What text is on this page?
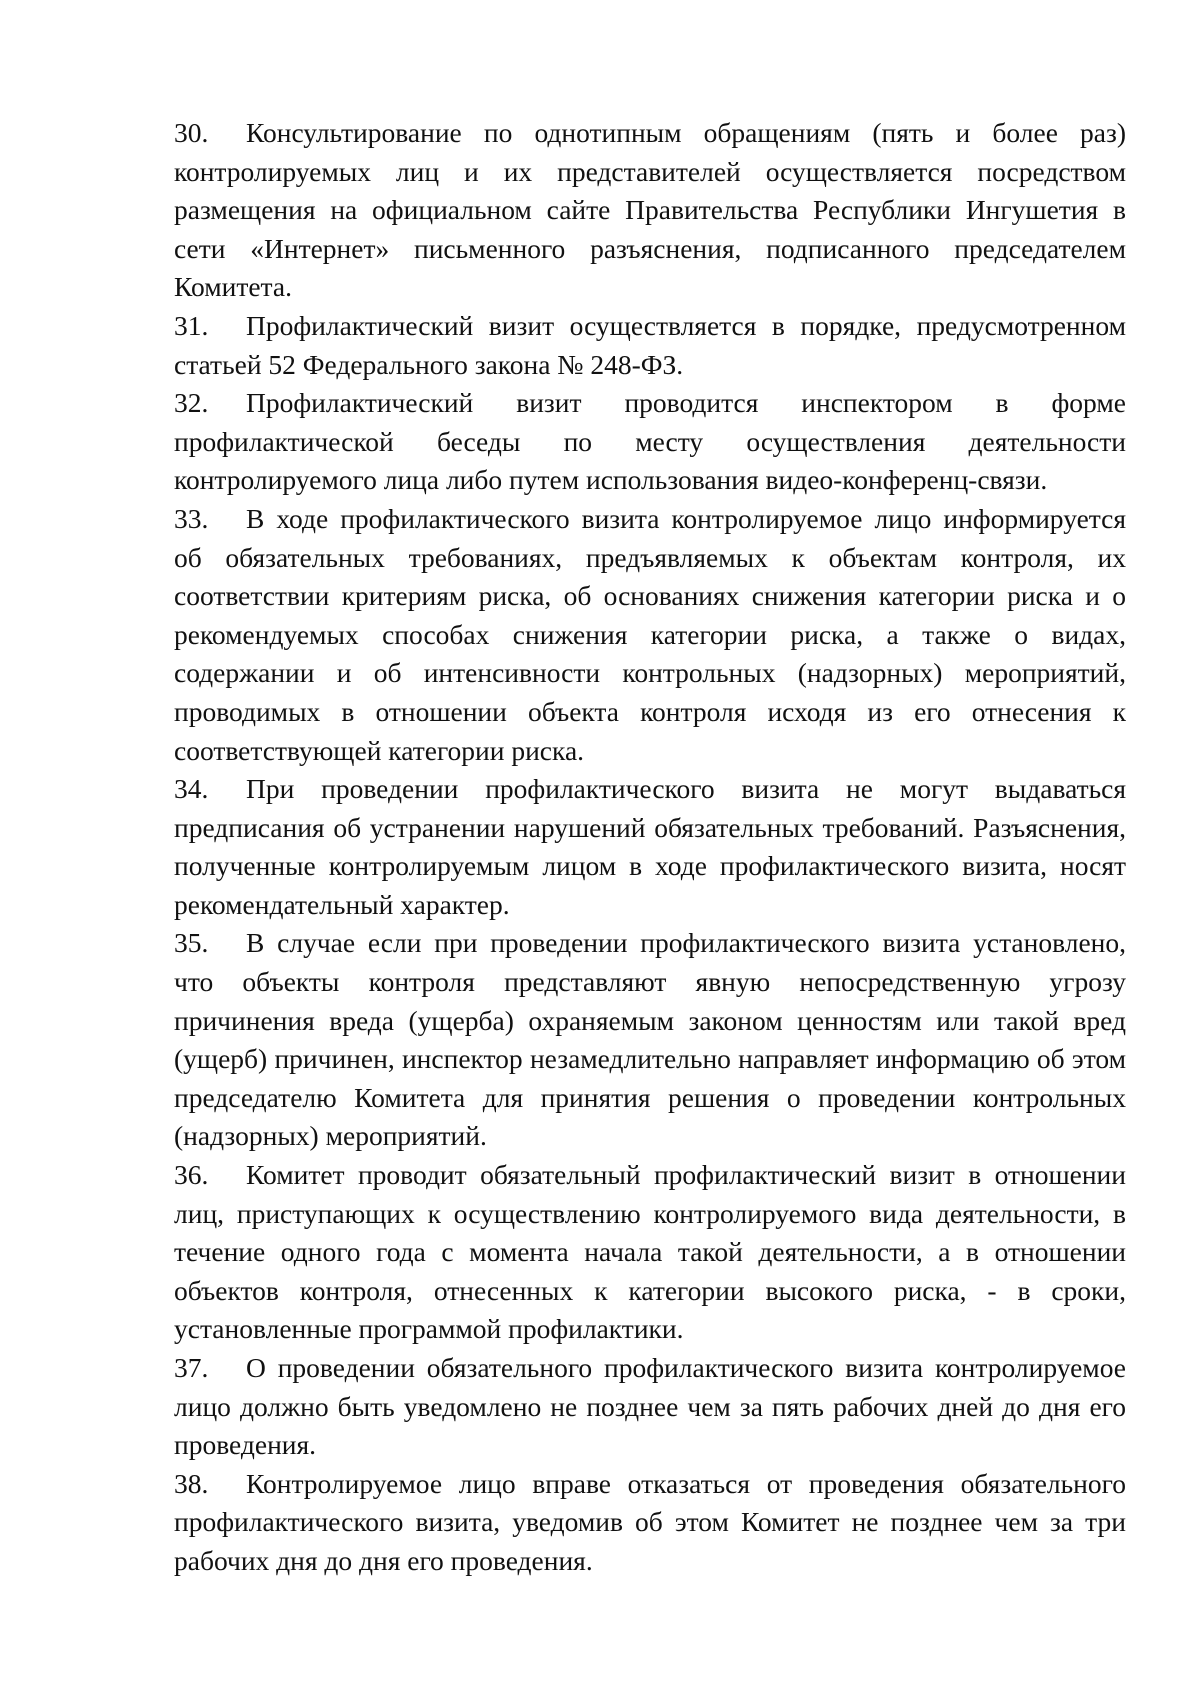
30. Консультирование по однотипным обращениям (пять и более раз) контролируемых лиц и их представителей осуществляется посредством размещения на официальном сайте Правительства Республики Ингушетия в сети «Интернет» письменного разъяснения, подписанного председателем Комитета.

31. Профилактический визит осуществляется в порядке, предусмотренном статьей 52 Федерального закона № 248-ФЗ.

32. Профилактический визит проводится инспектором в форме профилактической беседы по месту осуществления деятельности контролируемого лица либо путем использования видео-конференц-связи.

33. В ходе профилактического визита контролируемое лицо информируется об обязательных требованиях, предъявляемых к объектам контроля, их соответствии критериям риска, об основаниях снижения категории риска и о рекомендуемых способах снижения категории риска, а также о видах, содержании и об интенсивности контрольных (надзорных) мероприятий, проводимых в отношении объекта контроля исходя из его отнесения к соответствующей категории риска.

34. При проведении профилактического визита не могут выдаваться предписания об устранении нарушений обязательных требований. Разъяснения, полученные контролируемым лицом в ходе профилактического визита, носят рекомендательный характер.

35. В случае если при проведении профилактического визита установлено, что объекты контроля представляют явную непосредственную угрозу причинения вреда (ущерба) охраняемым законом ценностям или такой вред (ущерб) причинен, инспектор незамедлительно направляет информацию об этом председателю Комитета для принятия решения о проведении контрольных (надзорных) мероприятий.

36. Комитет проводит обязательный профилактический визит в отношении лиц, приступающих к осуществлению контролируемого вида деятельности, в течение одного года с момента начала такой деятельности, а в отношении объектов контроля, отнесенных к категории высокого риска, - в сроки, установленные программой профилактики.

37. О проведении обязательного профилактического визита контролируемое лицо должно быть уведомлено не позднее чем за пять рабочих дней до дня его проведения.

38. Контролируемое лицо вправе отказаться от проведения обязательного профилактического визита, уведомив об этом Комитет не позднее чем за три рабочих дня до дня его проведения.
